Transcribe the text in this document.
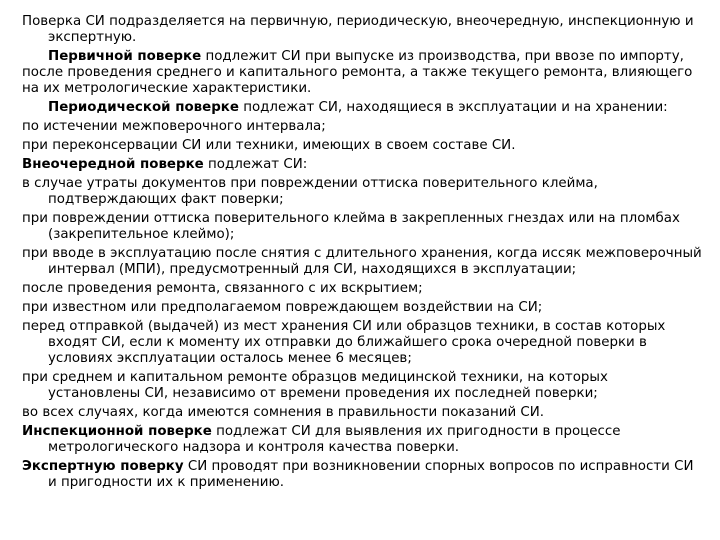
Поверка СИ подразделяется на первичную, периодическую, внеочередную, инспекционную и экспертную.

Первичной поверке подлежит СИ при выпуске из производства, при ввозе по импорту, после проведения среднего и капитального ремонта, а также текущего ремонта, влияющего на их метрологические характеристики.

Периодической поверке подлежат СИ, находящиеся в эксплуатации и на хранении:

по истечении межповерочного интервала;

при переконсервации СИ или техники, имеющих в своем составе СИ.

Внеочередной поверке подлежат СИ:

в случае утраты документов при повреждении оттиска поверительного клейма, подтверждающих факт поверки;

при повреждении оттиска поверительного клейма в закрепленных гнездах или на пломбах (закрепительное клеймо);

при вводе в эксплуатацию после снятия с длительного хранения, когда иссяк межповерочный интервал (МПИ), предусмотренный для СИ, находящихся в эксплуатации;

после проведения ремонта, связанного с их вскрытием;

при известном или предполагаемом повреждающем воздействии на СИ;

перед отправкой (выдачей) из мест хранения СИ или образцов техники, в состав которых входят СИ, если к моменту их отправки до ближайшего срока очередной поверки в условиях эксплуатации осталось менее 6 месяцев;

при среднем и капитальном ремонте образцов медицинской техники, на которых установлены СИ, независимо от времени проведения их последней поверки;

во всех случаях, когда имеются сомнения в правильности показаний СИ.

Инспекционной поверке подлежат СИ для выявления их пригодности в процессе метрологического надзора и контроля качества поверки.

Экспертную поверку СИ проводят при возникновении спорных вопросов по исправности СИ и пригодности их к применению.
